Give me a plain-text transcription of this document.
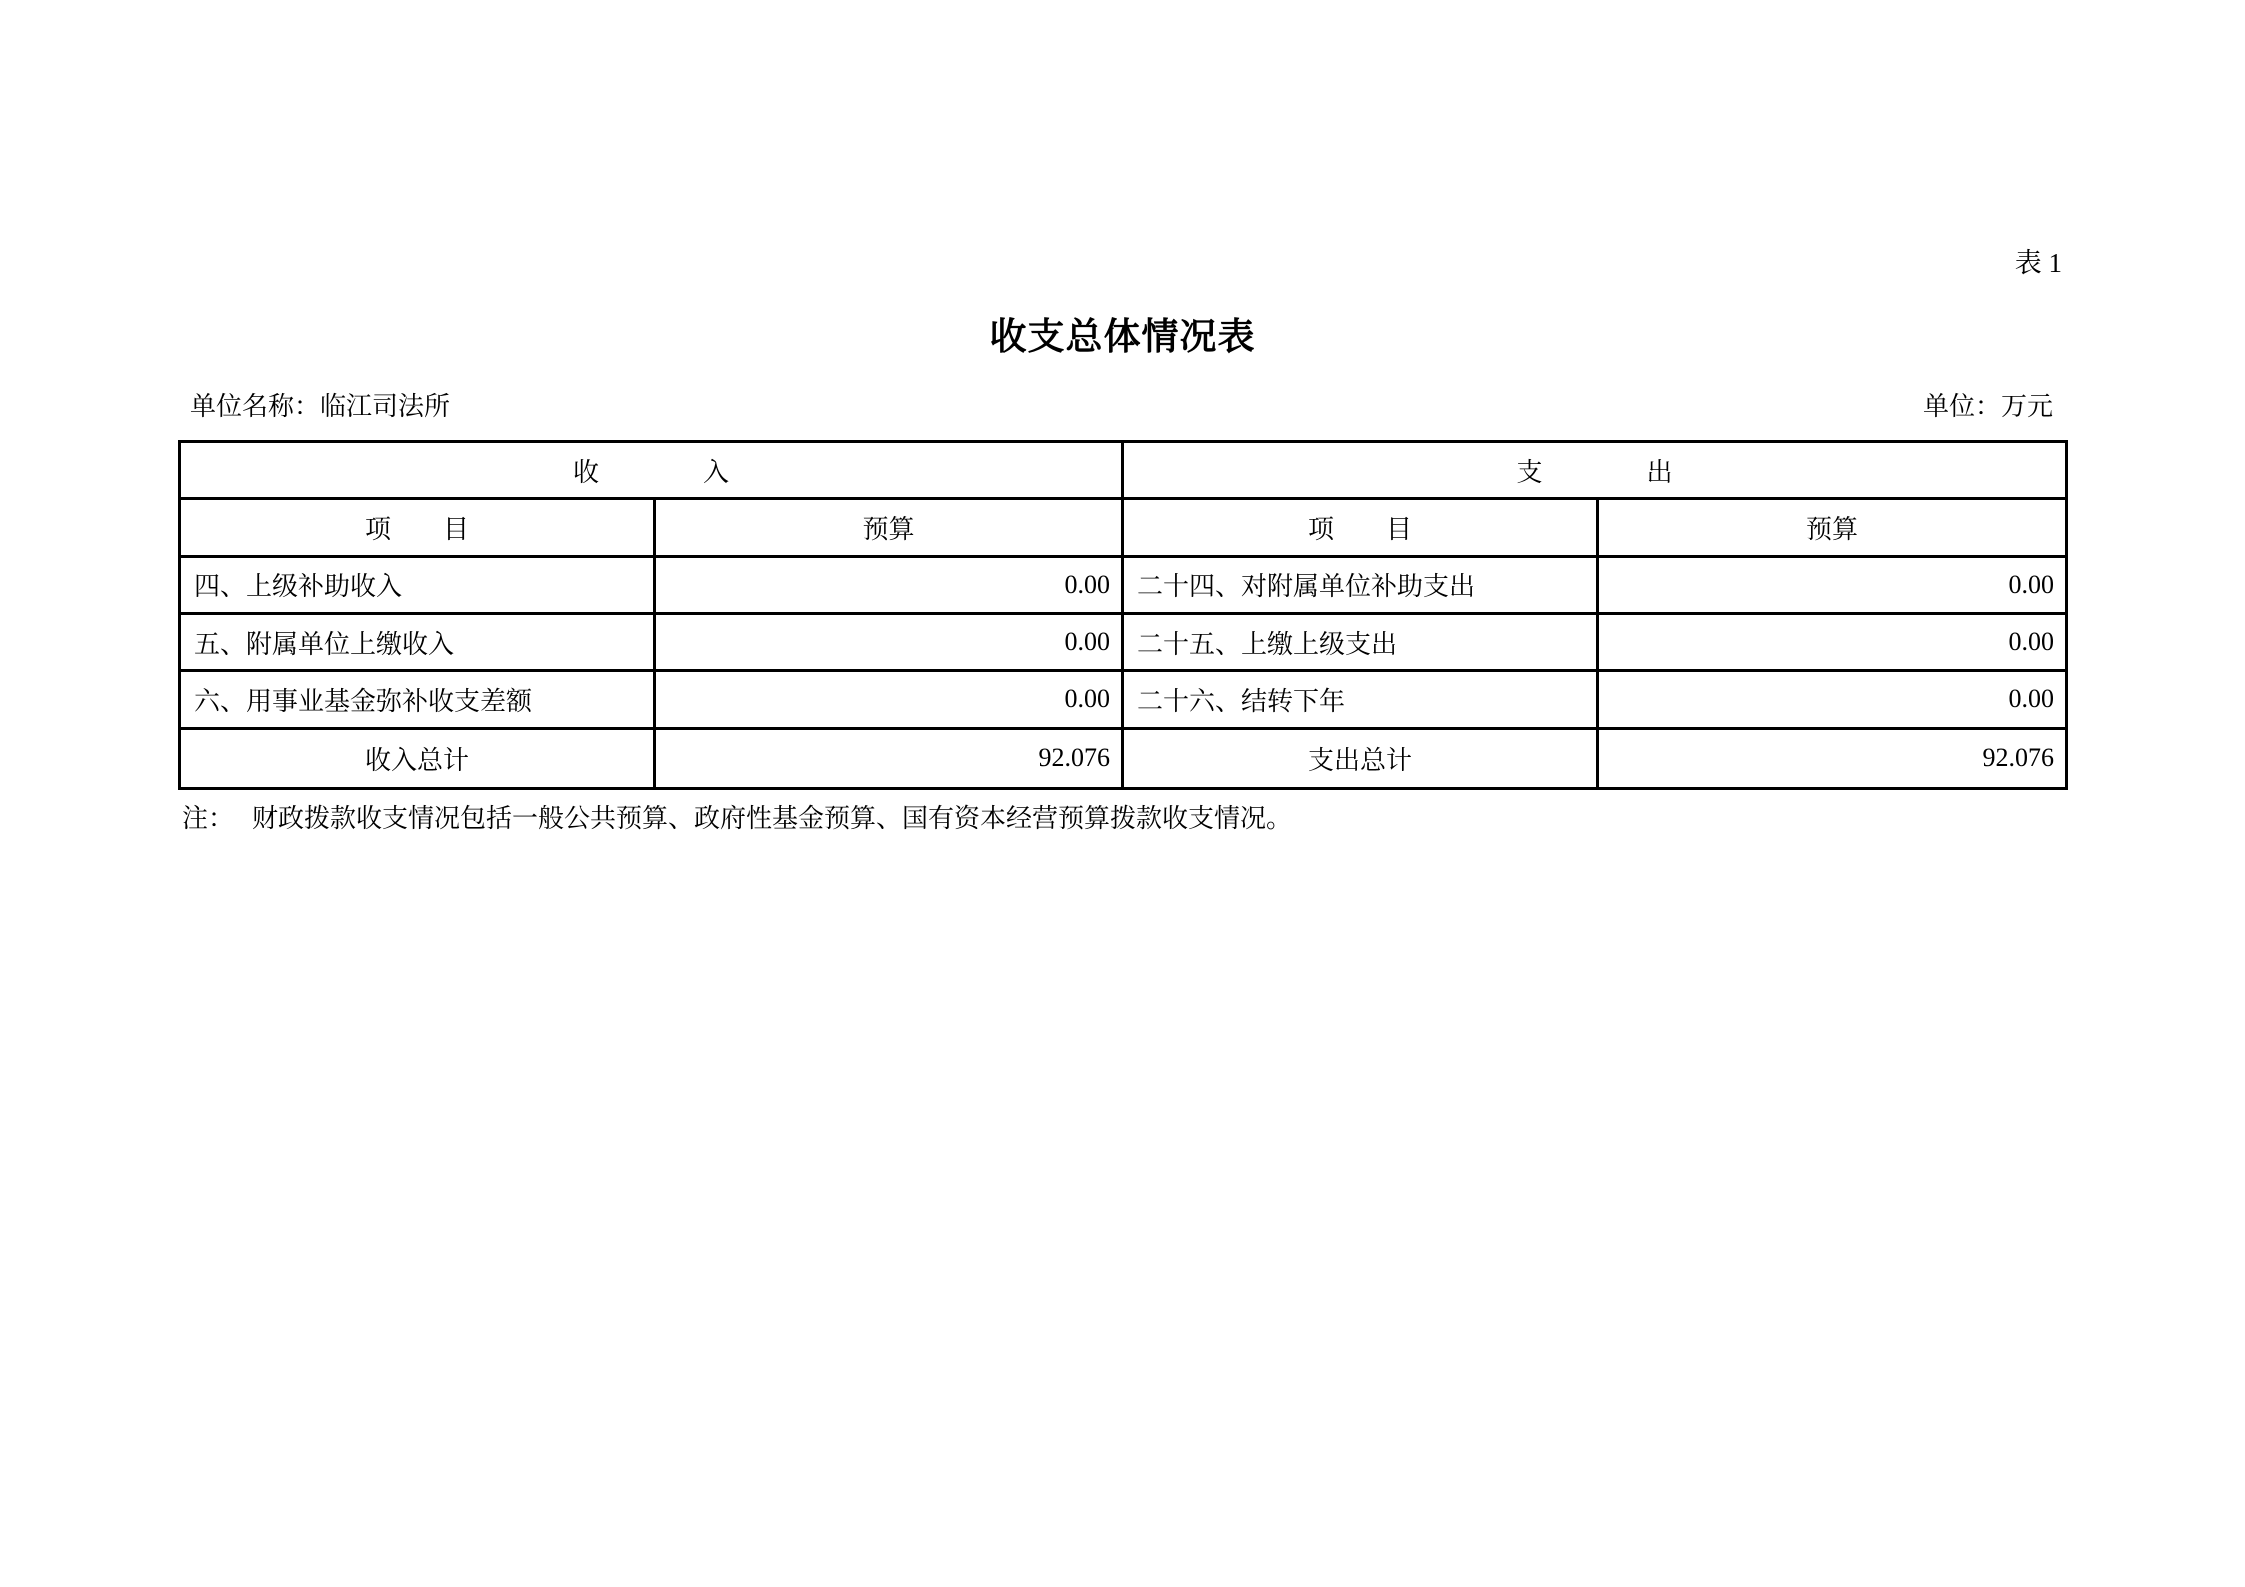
表 1
收支总体情况表
单位名称：临江司法所	单位：万元
收　　　　入	支　　　　出
项　　目	预算	项　　目	预算
四、上级补助收入	0.00	二十四、对附属单位补助支出	0.00
五、附属单位上缴收入	0.00	二十五、上缴上级支出	0.00
六、用事业基金弥补收支差额	0.00	二十六、结转下年	0.00
收入总计	92.076	支出总计	92.076
注： 财政拨款收支情况包括一般公共预算、政府性基金预算、国有资本经营预算拨款收支情况。
